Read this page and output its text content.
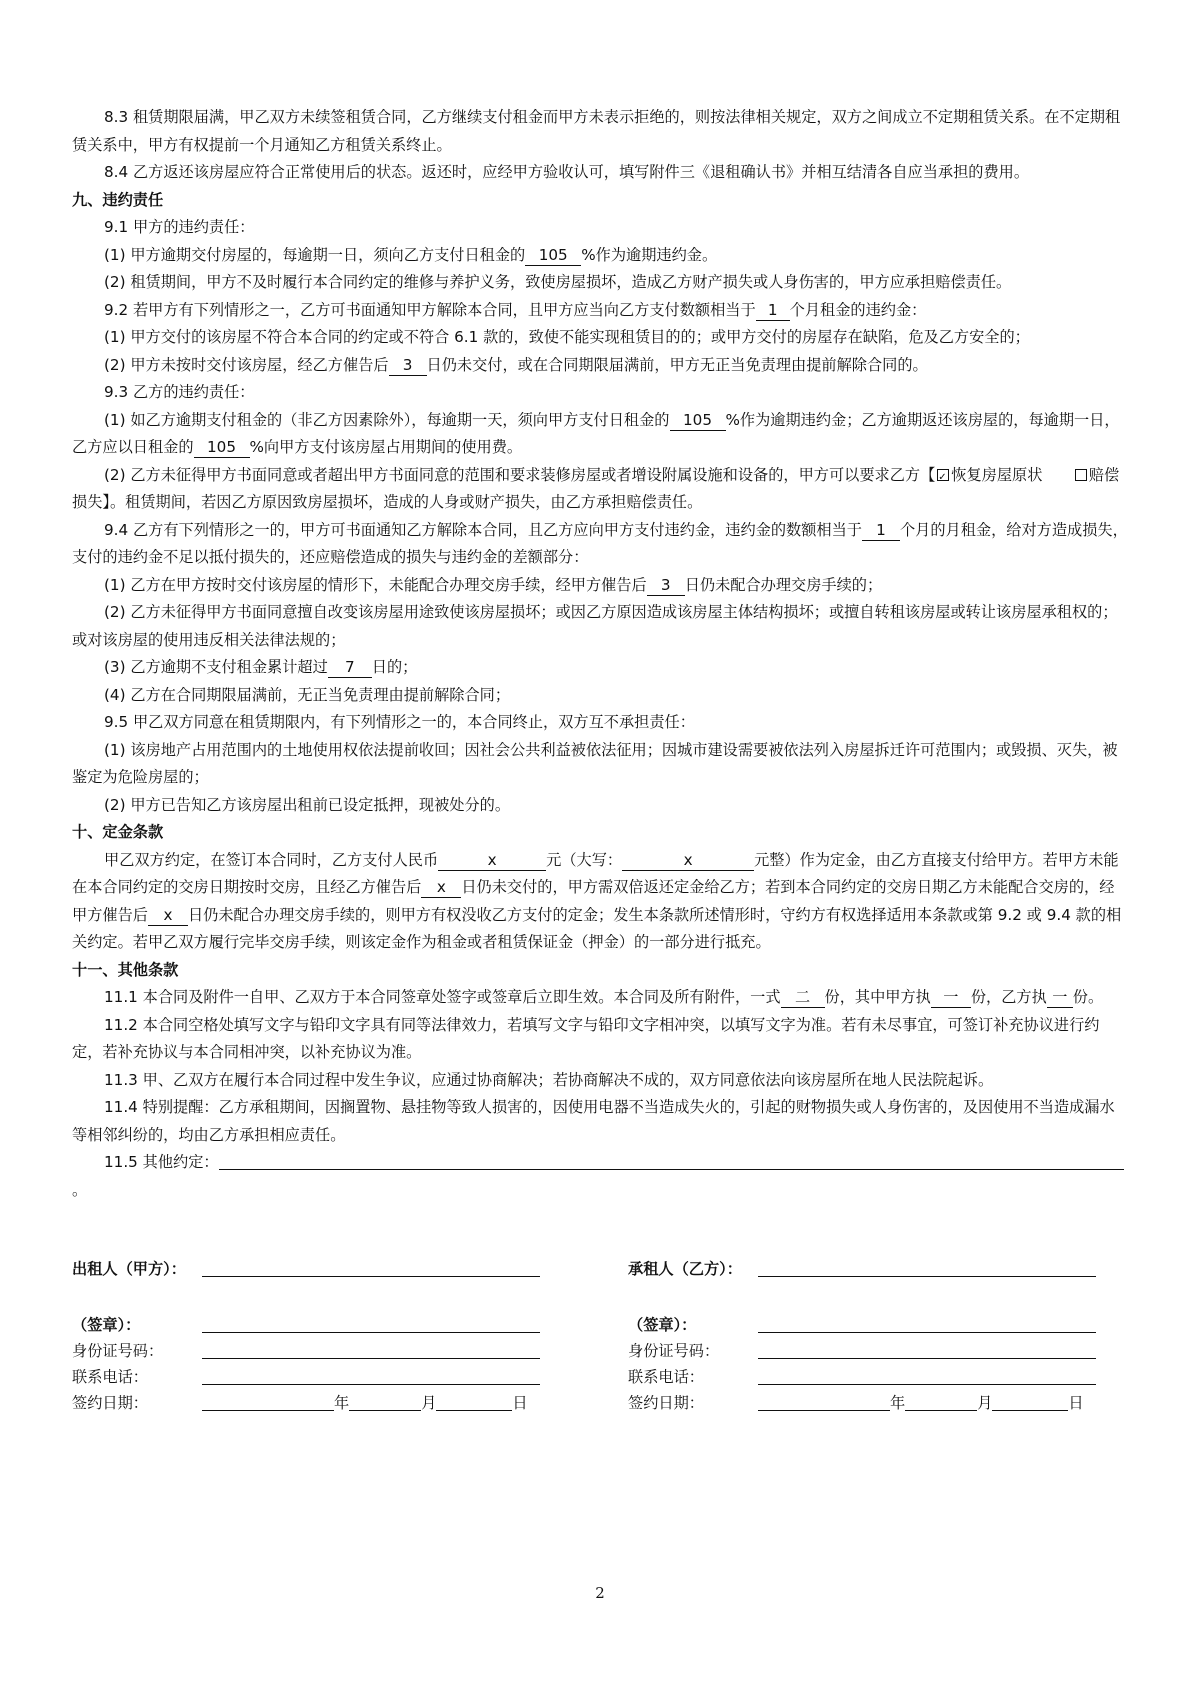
8.3 租赁期限届满，甲乙双方未续签租赁合同，乙方继续支付租金而甲方未表示拒绝的，则按法律相关规定，双方之间成立不定期租赁关系。在不定期租赁关系中，甲方有权提前一个月通知乙方租赁关系终止。

8.4 乙方返还该房屋应符合正常使用后的状态。返还时，应经甲方验收认可，填写附件三《退租确认书》并相互结清各自应当承担的费用。

九、违约责任

9.1 甲方的违约责任：

(1) 甲方逾期交付房屋的，每逾期一日，须向乙方支付日租金的 105 %作为逾期违约金。

(2) 租赁期间，甲方不及时履行本合同约定的维修与养护义务，致使房屋损坏，造成乙方财产损失或人身伤害的，甲方应承担赔偿责任。

9.2 若甲方有下列情形之一，乙方可书面通知甲方解除本合同，且甲方应当向乙方支付数额相当于 1 个月租金的违约金：

(1) 甲方交付的该房屋不符合本合同的约定或不符合 6.1 款的，致使不能实现租赁目的的；或甲方交付的房屋存在缺陷，危及乙方安全的；

(2) 甲方未按时交付该房屋，经乙方催告后 3 日仍未交付，或在合同期限届满前，甲方无正当免责理由提前解除合同的。

9.3 乙方的违约责任：

(1) 如乙方逾期支付租金的（非乙方因素除外），每逾期一天，须向甲方支付日租金的 105 %作为逾期违约金；乙方逾期返还该房屋的，每逾期一日，乙方应以日租金的 105 %向甲方支付该房屋占用期间的使用费。

(2) 乙方未征得甲方书面同意或者超出甲方书面同意的范围和要求装修房屋或者增设附属设施和设备的，甲方可以要求乙方【✓ 恢复房屋原状　　	赔偿损失】。租赁期间，若因乙方原因致房屋损坏，造成的人身或财产损失，由乙方承担赔偿责任。

9.4 乙方有下列情形之一的，甲方可书面通知乙方解除本合同，且乙方应向甲方支付违约金，违约金的数额相当于 1 个月的月租金，给对方造成损失，支付的违约金不足以抵付损失的，还应赔偿造成的损失与违约金的差额部分：

(1) 乙方在甲方按时交付该房屋的情形下，未能配合办理交房手续，经甲方催告后 3 日仍未配合办理交房手续的；

(2) 乙方未征得甲方书面同意擅自改变该房屋用途致使该房屋损坏；或因乙方原因造成该房屋主体结构损坏；或擅自转租该房屋或转让该房屋承租权的；或对该房屋的使用违反相关法律法规的；

(3) 乙方逾期不支付租金累计超过 7 日的；

(4) 乙方在合同期限届满前，无正当免责理由提前解除合同；

9.5 甲乙双方同意在租赁期限内，有下列情形之一的，本合同终止，双方互不承担责任：

(1) 该房地产占用范围内的土地使用权依法提前收回；因社会公共利益被依法征用；因城市建设需要被依法列入房屋拆迁许可范围内；或毁损、灭失，被鉴定为危险房屋的；

(2) 甲方已告知乙方该房屋出租前已设定抵押，现被处分的。

十、定金条款

甲乙双方约定，在签订本合同时，乙方支付人民币	x	元（大写：	x	元整）作为定金，由乙方直接支付给甲方。若甲方未能在本合同约定的交房日期按时交房，且经乙方催告后 x 日仍未交付的，甲方需双倍返还定金给乙方；若到本合同约定的交房日期乙方未能配合交房的，经甲方催告后 x 日仍未配合办理交房手续的，则甲方有权没收乙方支付的定金；发生本条款所述情形时，守约方有权选择适用本条款或第 9.2 或 9.4 款的相关约定。若甲乙双方履行完毕交房手续，则该定金作为租金或者租赁保证金（押金）的一部分进行抵充。

十一、其他条款

11.1 本合同及附件一自甲、乙双方于本合同签章处签字或签章后立即生效。本合同及所有附件，一式 二 份，其中甲方执 一 份，乙方执 一 份。

11.2 本合同空格处填写文字与铅印文字具有同等法律效力，若填写文字与铅印文字相冲突，以填写文字为准。若有未尽事宜，可签订补充协议进行约定，若补充协议与本合同相冲突，以补充协议为准。

11.3 甲、乙双方在履行本合同过程中发生争议，应通过协商解决；若协商解决不成的，双方同意依法向该房屋所在地人民法院起诉。

11.4 特别提醒：乙方承租期间，因搁置物、悬挂物等致人损害的，因使用电器不当造成失火的，引起的财物损失或人身伤害的，及因使用不当造成漏水等相邻纠纷的，均由乙方承担相应责任。

11.5 其他约定：。

出租人（甲方）：
（签章）：
身份证号码：
联系电话：
签约日期：	年	月	日
承租人（乙方）：
（签章）：
身份证号码：
联系电话：
签约日期：	年	月	日
2
